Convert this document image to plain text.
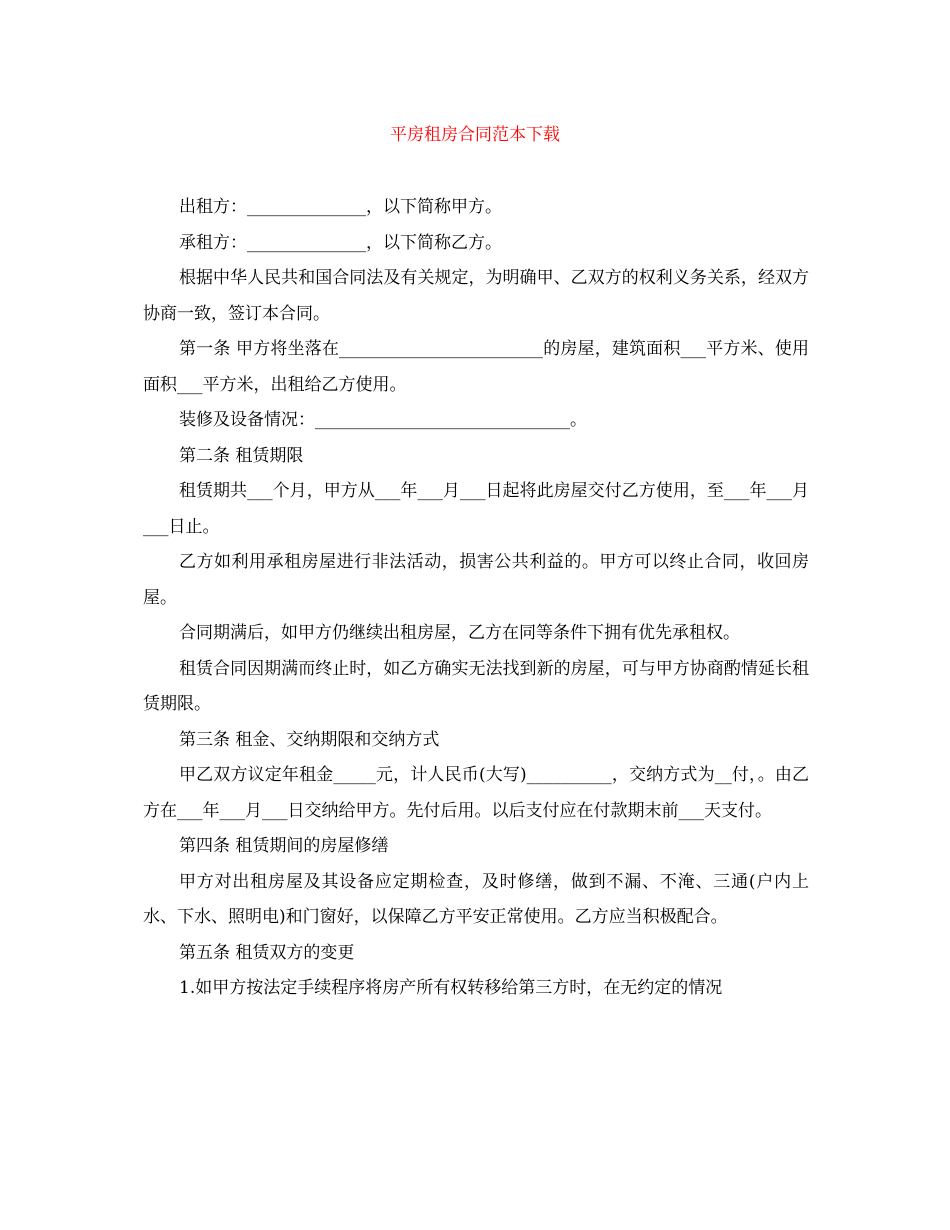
平房租房合同范本下载

出租方：______________，以下简称甲方。

承租方：______________，以下简称乙方。

根据中华人民共和国合同法及有关规定，为明确甲、乙双方的权利义务关系，经双方协商一致，签订本合同。

第一条 甲方将坐落在________________________的房屋，建筑面积___平方米、使用面积___平方米，出租给乙方使用。

装修及设备情况：______________________________。

第二条 租赁期限

租赁期共___个月，甲方从___年___月___日起将此房屋交付乙方使用，至___年___月___日止。

乙方如利用承租房屋进行非法活动，损害公共利益的。甲方可以终止合同，收回房屋。

合同期满后，如甲方仍继续出租房屋，乙方在同等条件下拥有优先承租权。

租赁合同因期满而终止时，如乙方确实无法找到新的房屋，可与甲方协商酌情延长租赁期限。

第三条 租金、交纳期限和交纳方式

甲乙双方议定年租金_____元，计人民币(大写)__________，交纳方式为__付，。由乙方在___年___月___日交纳给甲方。先付后用。以后支付应在付款期末前___天支付。

第四条 租赁期间的房屋修缮

甲方对出租房屋及其设备应定期检查，及时修缮，做到不漏、不淹、三通(户内上水、下水、照明电)和门窗好，以保障乙方平安正常使用。乙方应当积极配合。

第五条 租赁双方的变更

1.如甲方按法定手续程序将房产所有权转移给第三方时，在无约定的情况
